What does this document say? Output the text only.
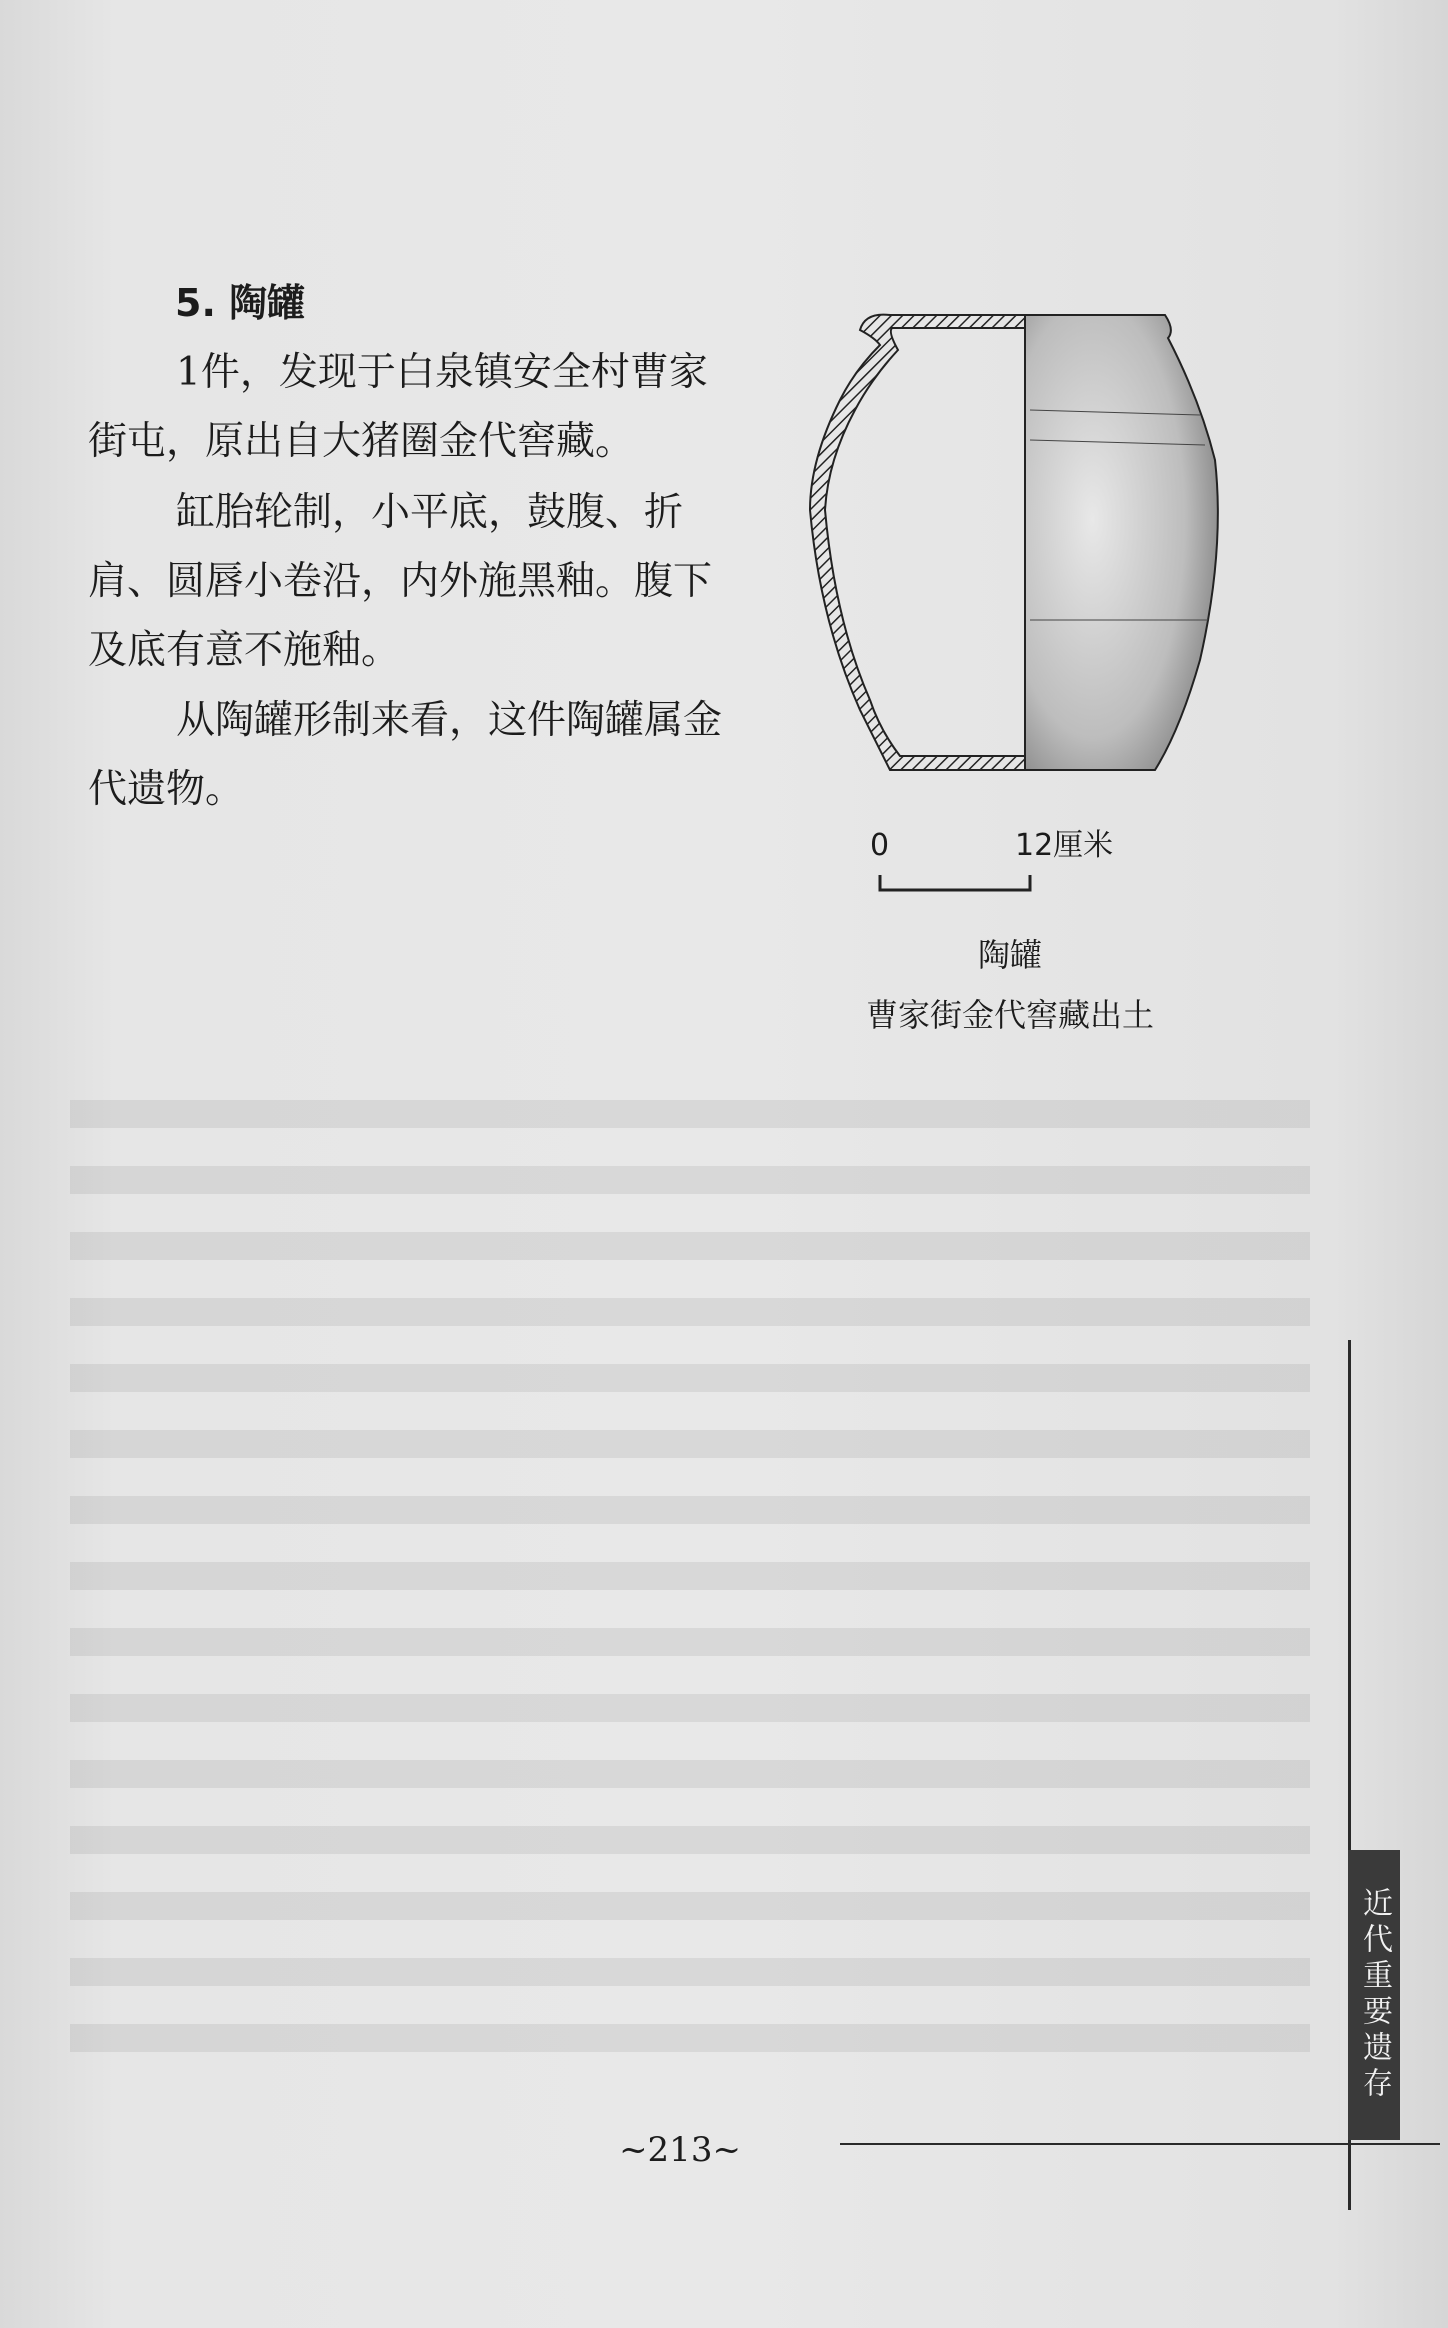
5. 陶罐

1件，发现于白泉镇安全村曹家街屯，原出自大猪圈金代窖藏。

缸胎轮制，小平底，鼓腹、折肩、圆唇小卷沿，内外施黑釉。腹下及底有意不施釉。

从陶罐形制来看，这件陶罐属金代遗物。

0	12厘米
陶罐
曹家街金代窖藏出土
近代重要遗存
~213~
